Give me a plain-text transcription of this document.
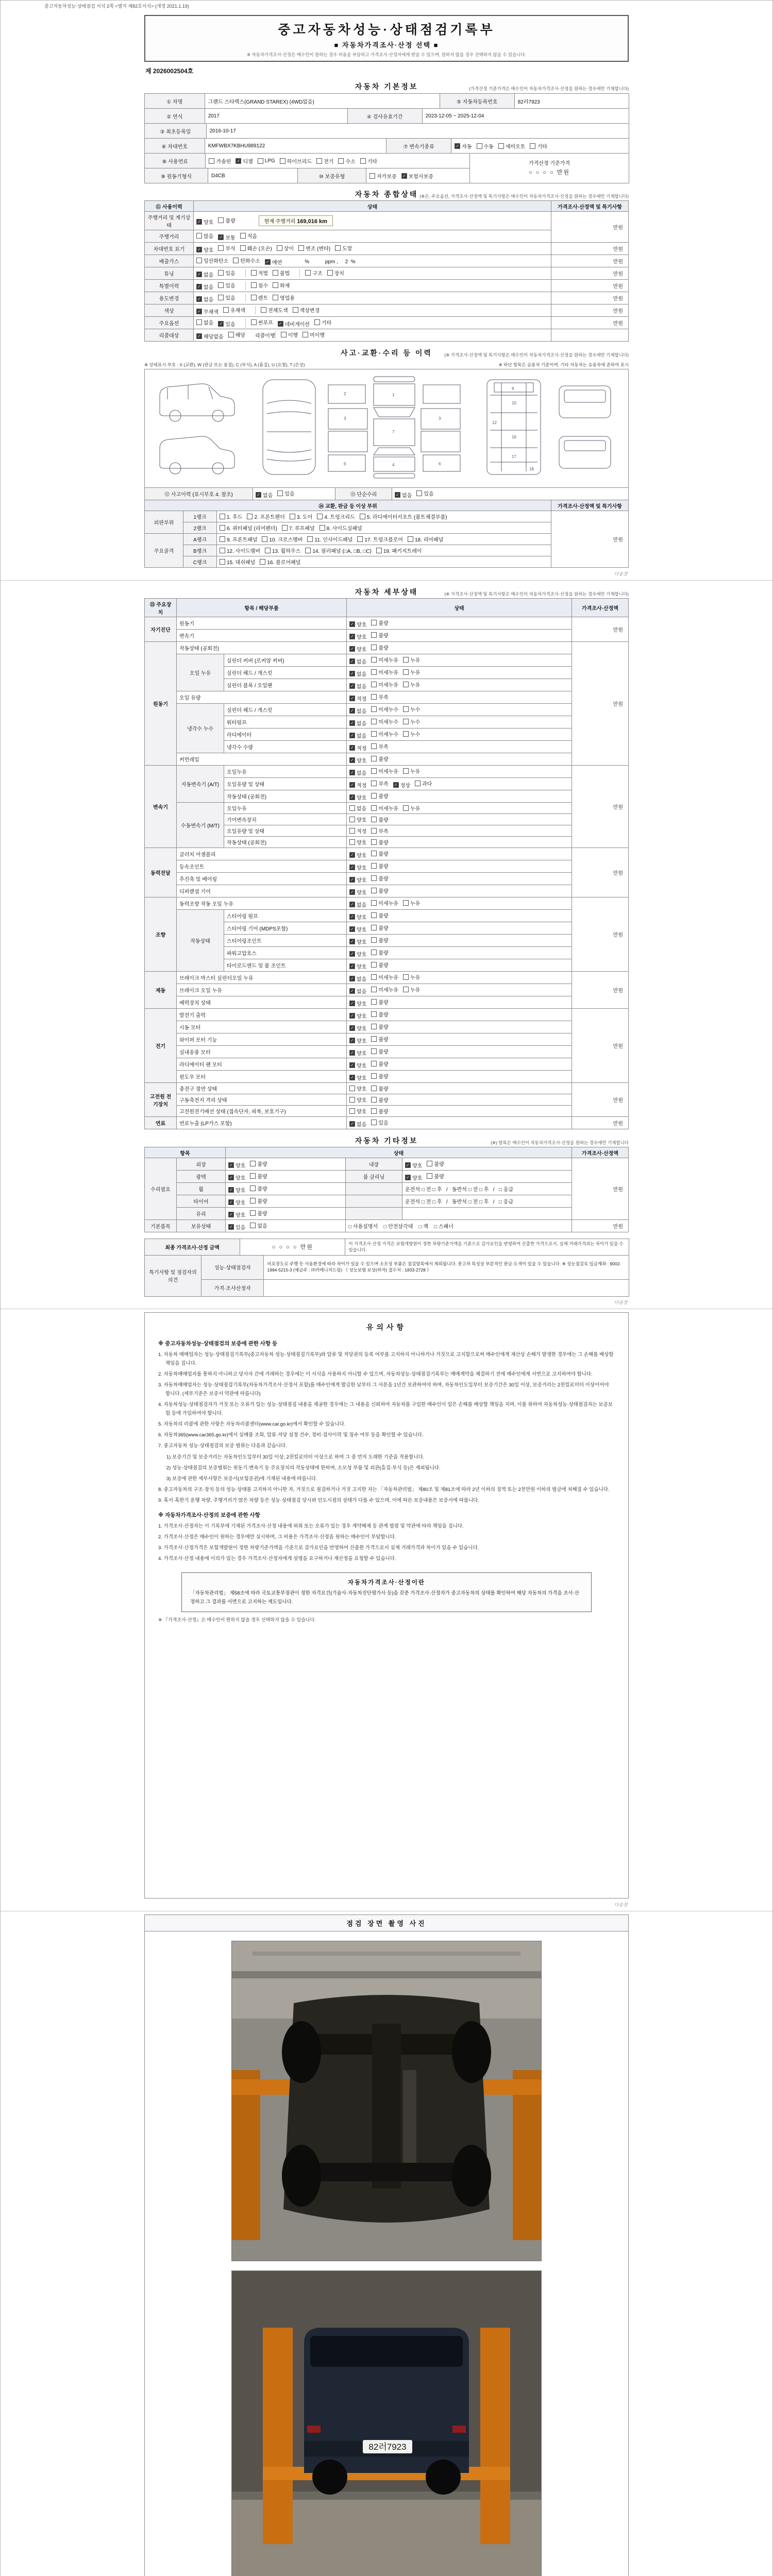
중고자동차성능·상태점검 서식 2쪽 <별지 제82호서식> (개정 2021.1.19)
중고자동차성능·상태점검기록부
■ 자동차가격조사·산정 선택 ■
※ 자동차가격조사·산정은 매수인이 원하는 경우 비용을 부담하고 가격조사·산정자에게 받을 수 있으며, 원하지 않을 경우 선택하지 않을 수 있습니다.
제 2026002504호
자동차 기본정보	(가격산정 기준가격은 매수인이 자동차가격조사·산정을 원하는 경우에만 기재합니다)
① 차명	그랜드 스타렉스(GRAND STAREX) (4WD없음)	⑤ 자동차등록번호	82러7923
② 연식	2017	④ 검사유효기간	2023-12-05 ~ 2025-12-04
③ 최초등록일	2016-10-17
⑥ 차대번호	KMFWBX7KBHU989122	⑦ 변속기종류	✓ 자동 수동 세미오토 기타
⑧ 사용연료	가솔린 ✓ 디젤 LPG 하이브리드 전기 수소 기타
⑨ 원동기형식	D4CB	⑩ 보증유형	자가보증 ✓ 보험사보증
가격산정 기준가격
○ ○ ○ ○ 만원
자동차 종합상태 (※은, 주요옵션, 가격조사·산정액 및 특기사항은 매수인이 자동차가격조사·산정을 원하는 경우에만 기재합니다)
⑪ 사용이력	상태	가격조사·산정액 및 특기사항
주행거리 및 계기상태	✓ 양호 불량 현재 주행거리 169,016 km	만원
주행거리	많음 ✓ 보통 적음	

차대번호 표기	✓ 양호 부식 훼손 (오손) 상이 변조 (변타) 도말	만원
배출가스	일산화탄소 탄화수소 ✓ 매연 %           ppm ,     2  %	만원
튜닝	✓ 없음 있음	적법 불법	구조 장치	만원
특별이력	✓ 없음 있음 침수 화재	만원
용도변경	✓ 없음 있음 렌트 영업용	만원
색상	✓ 무채색 유채색 전체도색 색상변경	만원
주요옵션	없음 ✓ 있음	썬루프 ✓ 네비게이션 기타	만원
리콜대상	✓ 해당없음 해당 리콜이행	이행 미이행

사고·교환·수리 등 이력	(※ 가격조사·산정액 및 특기사항은 매수인이 자동차가격조사·산정을 원하는 경우에만 기재합니다)
※ 상태표시 부호 : X (교환), W (판금 또는 용접), C (부식), A (흠집), U (요철), T (손상)	※ 하단 항목은 승용차 기준이며, 기타 자동차는 승용차에 준하여 표시
1
7
4
3
2
3
6	6
9
10
12
16
17
18
⑫ 사고이력 (표시부호 4. 참조)	✓ 없음 있음	⑬ 단순수리	✓ 없음 있음
⑭ 교환, 판금 등 이상 부위			가격조사·산정액 및 특기사항
외판부위	1랭크	1. 후드 2. 프론트펜더 3. 도어 4. 트렁크리드 5. 라디에이터서포트 (볼트체결부품)	만원
	2랭크	6. 쿼터패널 (리어펜더) 7. 루프패널 8. 사이드실패널	

주요골격	A랭크	9. 프론트패널 10. 크로스멤버 11. 인사이드패널 17. 트렁크플로어 18. 리어패널	

	B랭크	12. 사이드멤버 13. 휠하우스 14. 필러패널 (□A, □B, □C) 19. 패키지트레이	

	C랭크	15. 대쉬패널 16. 플로어패널	
다음장
자동차 세부상태	(※ 가격조사·산정액 및 특기사항은 매수인이 자동차가격조사·산정을 원하는 경우에만 기재합니다)
⑮ 주요장치	항목 / 해당부품		상태	가격조사·산정액
자기진단	원동기		✓ 양호 불량	만원
	변속기		✓ 양호 불량	

원동기	작동상태 (공회전)		✓ 양호 불량	만원
	오일 누유	실린더 커버 (로커암 커버)	✓ 없음 미세누유 누유	

		실린더 헤드 / 개스킷	✓ 없음 미세누유 누유	

		실린더 블록 / 오일팬	✓ 없음 미세누유 누유	

	오일 유량		✓ 적정 부족	

	냉각수 누수	실린더 헤드 / 개스킷	✓ 없음 미세누수 누수	

		워터펌프	✓ 없음 미세누수 누수	

		라디에이터	✓ 없음 미세누수 누수	

		냉각수 수량	✓ 적정 부족	

	커먼레일		✓ 양호 불량	

변속기	자동변속기 (A/T)	오일누유	✓ 없음 미세누유 누유	만원
오일유량 및 상태	✓ 적정 부족 ✓ 정상 과다

		작동상태 (공회전)	✓ 양호 불량	

	수동변속기 (M/T)	오일누유	없음 미세누유 누유	

		기어변속장치	양호 불량	

		오일유량 및 상태	적정 부족	

		작동상태 (공회전)	양호 불량	

동력전달	클러치 어셈블리		✓ 양호 불량	만원
	등속조인트		✓ 양호 불량	

	추진축 및 베어링		✓ 양호 불량	

	디퍼렌셜 기어		✓ 양호 불량	

조향	동력조향 작동 오일 누유		✓ 없음 미세누유 누유	만원
	작동상태	스티어링 펌프	✓ 양호 불량	

		스티어링 기어 (MDPS포함)	✓ 양호 불량	

		스티어링조인트	✓ 양호 불량	

		파워고압호스	✓ 양호 불량	

		타이로드엔드 및 볼 조인트	✓ 양호 불량	

제동	브레이크 마스터 실린더오일 누유		✓ 없음 미세누유 누유	만원
	브레이크 오일 누유		✓ 없음 미세누유 누유	

	배력장치 상태		✓ 양호 불량	

전기	발전기 출력		✓ 양호 불량	만원
	시동 모터		✓ 양호 불량	

	와이퍼 모터 기능		✓ 양호 불량	

	실내송풍 모터		✓ 양호 불량	

	라디에이터 팬 모터		✓ 양호 불량	

	윈도우 모터		✓ 양호 불량	

고전원 전기장치	충전구 절연 상태		양호 불량	만원
	구동축전지 격리 상태		양호 불량	

	고전원전기배선 상태 (접속단자, 피복, 보호기구)		양호 불량	

연료	연료누출 (LP가스 포함)		✓ 없음 있음	만원
자동차 기타정보	(※) 항목은 매수인이 자동차가격조사·산정을 원하는 경우에만 기재합니다
항목		상태			가격조사·산정액
수리필요	외장	✓ 양호 불량	내장	✓ 양호 불량	만원
	광택	✓ 양호 불량	룸 클리닝	✓ 양호 불량	

	휠	✓ 양호 불량		운전석 □ 전 □ 후   /   동반석 □ 전 □ 후   /   □ 응급	
	타이어	✓ 양호 불량		운전석 □ 전 □ 후   /   동반석 □ 전 □ 후   /   □ 응급	
	유리	✓ 양호 불량			

기본품목	보유상태	✓ 있음 없음	□ 사용설명서    □ 안전삼각대    □ 잭    □ 스패너		만원
최종 가격조사·산정 금액	○ ○ ○ ○ 만원
이 가격조사·산정 가격은 보험개발원이 정한 차량기준가액을 기준으로 감가요인을 반영하여 산출한 가격으로서, 실제 거래가격과는 차이가 있을 수 있습니다.
특기사항 및 점검자의 의견
성능·상태점검자
비포장도로 주행 등 사용환경에 따라 차이가 있을 수 있으며 소모성 부품은 점검항목에서 제외됩니다. 중고차 특성상 부분적인 판금·도색이 있을 수 있습니다. ※ 성능점검료 입금계좌 : 9002-1994-5215-3 (예금주 : ㈜카매니저드림) 《 성능보험 보상(하자) 접수처 : 1833-2728 》
가격·조사산정자
다음장
유의사항
※ 중고자동차성능·상태점검의 보증에 관한 사항 등
1. 자동차 매매업자는 성능·상태점검기록부(중고자동차 성능·상태점검기록부)와 압류 및 저당권의 등록 여부를 고지하지 아니하거나 거짓으로 고지함으로써 매수인에게 재산상 손해가 발생한 경우에는 그 손해를 배상할 책임을 집니다.
2. 자동차매매업자를 통하지 아니하고 당사자 간에 거래하는 경우에는 이 서식을 사용하지 아니할 수 있으며, 자동차성능·상태점검기록부는 매매계약을 체결하기 전에 매수인에게 서면으로 고지하여야 합니다.
3. 자동차매매업자는 성능·상태점검기록부(자동차가격조사·산정서 포함)를 매수인에게 발급한 날부터 그 사본을 1년간 보관하여야 하며, 자동차인도일부터 보증기간은 30일 이상, 보증거리는 2천킬로미터 이상이어야 합니다. (세부기준은 보증서 약관에 따릅니다)
4. 자동차성능·상태점검자가 거짓 또는 오류가 있는 성능·상태점검 내용을 제공한 경우에는 그 내용을 신뢰하여 자동차를 구입한 매수인이 입은 손해를 배상할 책임을 지며, 이를 위하여 자동차성능·상태점검자는 보증보험 등에 가입하여야 합니다.
5. 자동차의 리콜에 관한 사항은 자동차리콜센터(www.car.go.kr)에서 확인할 수 있습니다.
6. 자동차365(www.car365.go.kr)에서 실매물 조회, 압류·저당 설정 건수, 정비·검사이력 및 침수 여부 등을 확인할 수 있습니다.
7. 중고자동차 성능·상태점검의 보증 범위는 다음과 같습니다.
1) 보증기간 및 보증거리는 자동차인도일부터 30일 이상, 2천킬로미터 이상으로 하며 그 중 먼저 도래한 기준을 적용합니다.
2) 성능·상태점검의 보증범위는 원동기·변속기 등 주요장치의 작동상태에 한하며, 소모성 부품 및 외관(흠집·부식 등)은 제외됩니다.
3) 보증에 관한 세부사항은 보증서(보험증권)에 기재된 내용에 따릅니다.
8. 중고자동차의 구조·장치 등의 성능·상태를 고지하지 아니한 자, 거짓으로 점검하거나 거짓 고지한 자는 「자동차관리법」 제80조 및 제81조에 따라 2년 이하의 징역 또는 2천만원 이하의 벌금에 처해질 수 있습니다.
9. 혹서·혹한기 운행 차량, 주행거리가 많은 차량 등은 성능·상태점검 당시와 인도시점의 상태가 다를 수 있으며, 이에 따른 보증내용은 보증서에 따릅니다.
※ 자동차가격조사·산정의 보증에 관한 사항
1. 가격조사·산정자는 이 기록부에 기재된 가격조사·산정 내용에 허위 또는 오류가 있는 경우 계약해제 등 관계 법령 및 약관에 따라 책임을 집니다.
2. 가격조사·산정은 매수인이 원하는 경우에만 실시하며, 그 비용은 가격조사·산정을 원하는 매수인이 부담합니다.
3. 가격조사·산정가격은 보험개발원이 정한 차량기준가액을 기준으로 감가요인을 반영하여 산출한 가격으로서 실제 거래가격과 차이가 있을 수 있습니다.
4. 가격조사·산정 내용에 이의가 있는 경우 가격조사·산정자에게 설명을 요구하거나 재산정을 요청할 수 있습니다.
자동차가격조사·산정이란
「자동차관리법」 제58조에 따라 국토교통부장관이 정한 자격요건(기술사·자동차진단평가사 등)을 갖춘 가격조사·산정자가 중고자동차의 상태를 확인하여 해당 자동차의 가격을 조사·산정하고 그 결과를 서면으로 고지하는 제도입니다.
※ 『가격조사·산정』은 매수인이 원하지 않을 경우 선택하지 않을 수 있습니다.
다음장
점검 장면 촬영 사진
82러7923
